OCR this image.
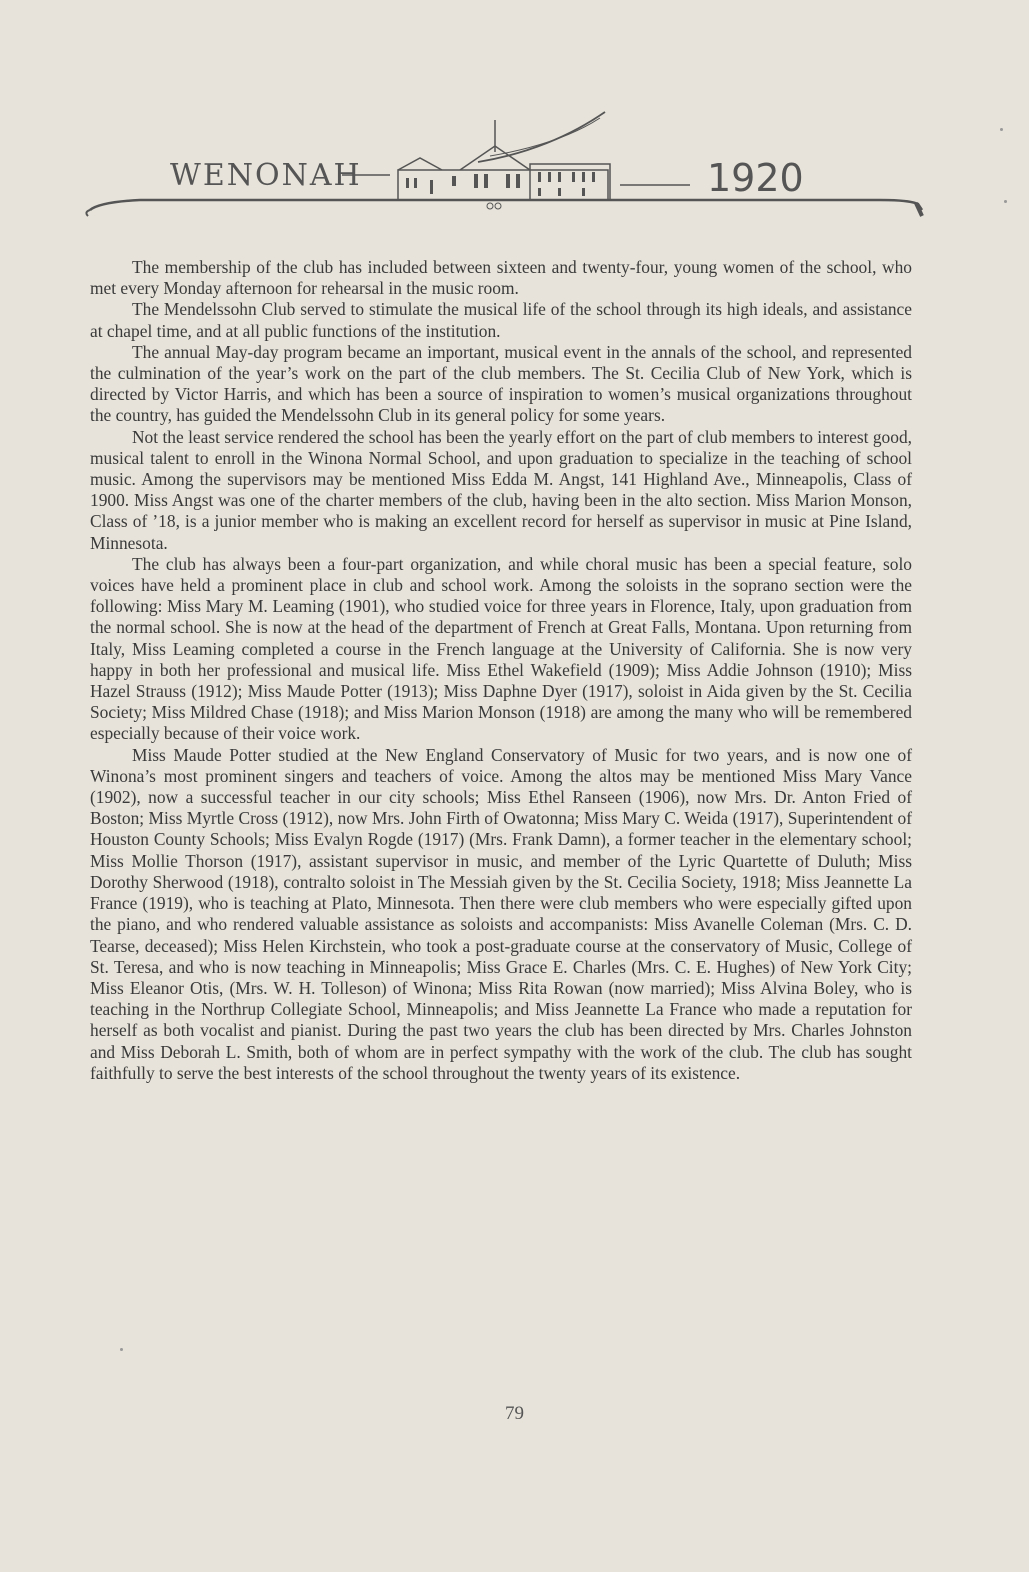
WENONAH	1920

The membership of the club has included between sixteen and twenty-four, young women of the school, who met every Monday afternoon for rehearsal in the music room.

The Mendelssohn Club served to stimulate the musical life of the school through its high ideals, and assistance at chapel time, and at all public functions of the institution.

The annual May-day program became an important, musical event in the annals of the school, and represented the culmination of the year’s work on the part of the club members. The St. Cecilia Club of New York, which is directed by Victor Harris, and which has been a source of inspiration to women’s musical organizations throughout the country, has guided the Mendelssohn Club in its general policy for some years.

Not the least service rendered the school has been the yearly effort on the part of club members to interest good, musical talent to enroll in the Winona Normal School, and upon graduation to specialize in the teaching of school music. Among the supervisors may be mentioned Miss Edda M. Angst, 141 Highland Ave., Minneapolis, Class of 1900. Miss Angst was one of the charter members of the club, having been in the alto section. Miss Marion Monson, Class of ’18, is a junior member who is making an excellent record for herself as supervisor in music at Pine Island, Minnesota.

The club has always been a four-part organization, and while choral music has been a special feature, solo voices have held a prominent place in club and school work. Among the soloists in the soprano section were the following: Miss Mary M. Leaming (1901), who studied voice for three years in Florence, Italy, upon graduation from the normal school. She is now at the head of the department of French at Great Falls, Montana. Upon returning from Italy, Miss Leaming completed a course in the French language at the University of California. She is now very happy in both her professional and musical life. Miss Ethel Wakefield (1909); Miss Addie Johnson (1910); Miss Hazel Strauss (1912); Miss Maude Potter (1913); Miss Daphne Dyer (1917), soloist in Aida given by the St. Cecilia Society; Miss Mildred Chase (1918); and Miss Marion Monson (1918) are among the many who will be remembered especially because of their voice work.

Miss Maude Potter studied at the New England Conservatory of Music for two years, and is now one of Winona’s most prominent singers and teachers of voice. Among the altos may be mentioned Miss Mary Vance (1902), now a successful teacher in our city schools; Miss Ethel Ranseen (1906), now Mrs. Dr. Anton Fried of Boston; Miss Myrtle Cross (1912), now Mrs. John Firth of Owatonna; Miss Mary C. Weida (1917), Superintendent of Houston County Schools; Miss Evalyn Rogde (1917) (Mrs. Frank Damn), a former teacher in the elementary school; Miss Mollie Thorson (1917), assistant supervisor in music, and member of the Lyric Quartette of Duluth; Miss Dorothy Sherwood (1918), contralto soloist in The Messiah given by the St. Cecilia Society, 1918; Miss Jeannette La France (1919), who is teaching at Plato, Minnesota. Then there were club members who were especially gifted upon the piano, and who rendered valuable assistance as soloists and accompanists: Miss Avanelle Coleman (Mrs. C. D. Tearse, deceased); Miss Helen Kirchstein, who took a post-graduate course at the conservatory of Music, College of St. Teresa, and who is now teaching in Minneapolis; Miss Grace E. Charles (Mrs. C. E. Hughes) of New York City; Miss Eleanor Otis, (Mrs. W. H. Tolleson) of Winona; Miss Rita Rowan (now married); Miss Alvina Boley, who is teaching in the Northrup Collegiate School, Minneapolis; and Miss Jeannette La France who made a reputation for herself as both vocalist and pianist. During the past two years the club has been directed by Mrs. Charles Johnston and Miss Deborah L. Smith, both of whom are in perfect sympathy with the work of the club. The club has sought faithfully to serve the best interests of the school throughout the twenty years of its existence.

79
